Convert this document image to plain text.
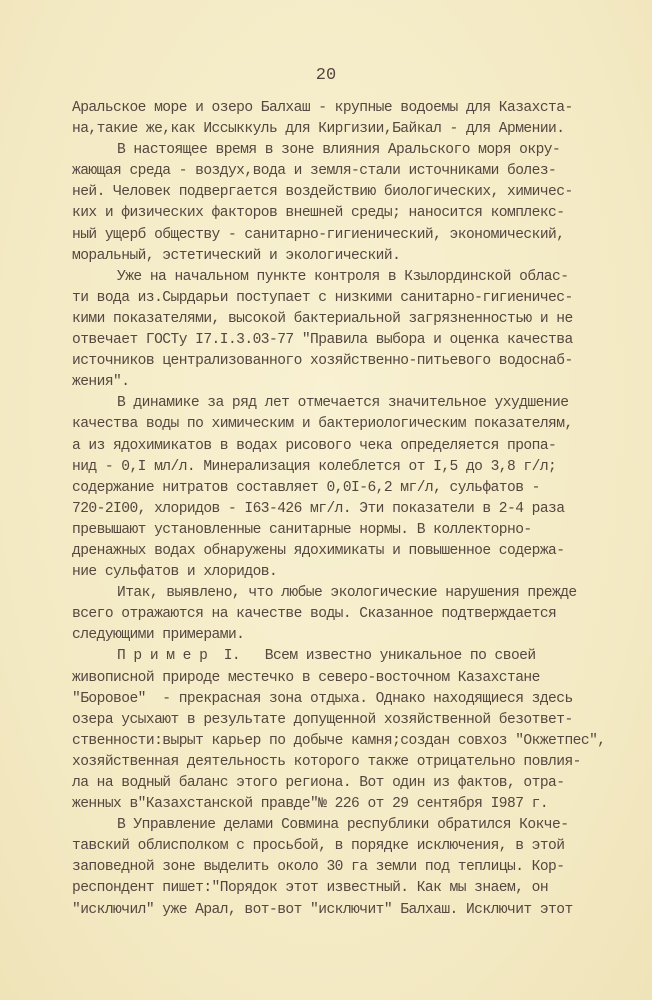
20
Аральское море и озеро Балхаш - крупные водоемы для Казахста-
на,такие же,как Иссыккуль для Киргизии,Байкал - для Армении.
В настоящее время в зоне влияния Аральского моря окру-
жающая среда - воздух,вода и земля-стали источниками болез-
ней. Человек подвергается воздействию биологических, химичес-
ких и физических факторов внешней среды; наносится комплекс-
ный ущерб обществу - санитарно-гигиенический, экономический,
моральный, эстетический и экологический.
Уже на начальном пункте контроля в Кзылординской облас-
ти вода из.Сырдарьи поступает с низкими санитарно-гигиеничес-
кими показателями, высокой бактериальной загрязненностью и не
отвечает ГОСТу I7.I.3.03-77 "Правила выбора и оценка качества
источников централизованного хозяйственно-питьевого водоснаб-
жения".
В динамике за ряд лет отмечается значительное ухудшение
качества воды по химическим и бактериологическим показателям,
а из ядохимикатов в водах рисового чека определяется пропа-
нид - 0,I мл/л. Минерализация колеблется от I,5 до 3,8 г/л;
содержание нитратов составляет 0,0I-6,2 мг/л, сульфатов -
720-2I00, хлоридов - I63-426 мг/л. Эти показатели в 2-4 раза
превышают установленные санитарные нормы. В коллекторно-
дренажных водах обнаружены ядохимикаты и повышенное содержа-
ние сульфатов и хлоридов.
Итак, выявлено, что любые экологические нарушения прежде
всего отражаются на качестве воды. Сказанное подтверждается
следующими примерами.
П р и м е р  I.   Всем известно уникальное по своей
живописной природе местечко в северо-восточном Казахстане
"Боровое"  - прекрасная зона отдыха. Однако находящиеся здесь
озера усыхают в результате допущенной хозяйственной безответ-
ственности:вырыт карьер по добыче камня;создан совхоз "Окжетпес",
хозяйственная деятельность которого также отрицательно повлия-
ла на водный баланс этого региона. Вот один из фактов, отра-
женных в"Казахстанской правде"№ 226 от 29 сентября I987 г.
В Управление делами Совмина республики обратился Кокче-
тавский облисполком с просьбой, в порядке исключения, в этой
заповедной зоне выделить около 30 га земли под теплицы. Кор-
респондент пишет:"Порядок этот известный. Как мы знаем, он
"исключил" уже Арал, вот-вот "исключит" Балхаш. Исключит этот
